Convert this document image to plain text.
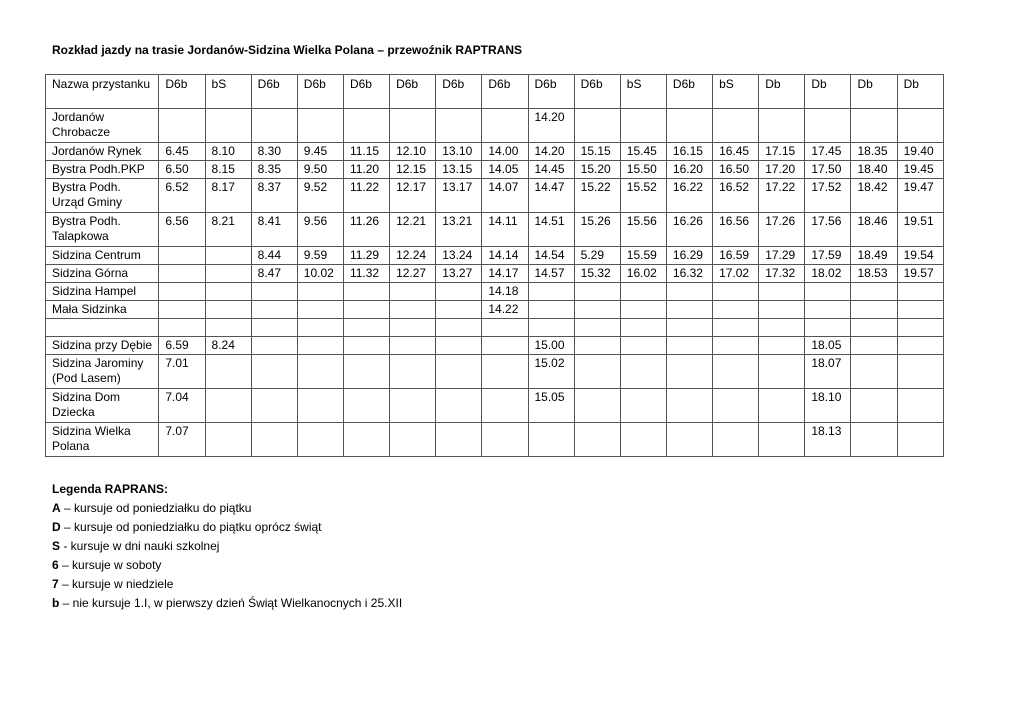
Rozkład jazdy na trasie Jordanów-Sidzina Wielka Polana – przewoźnik RAPTRANS
Nazwa przystanku	D6b	bS	D6b	D6b	D6b	D6b	D6b	D6b	D6b	D6b	bS	D6b	bS	Db	Db	Db	Db
Jordanów Chrobacze									14.20								
Jordanów Rynek	6.45	8.10	8.30	9.45	11.15	12.10	13.10	14.00	14.20	15.15	15.45	16.15	16.45	17.15	17.45	18.35	19.40
Bystra Podh.PKP	6.50	8.15	8.35	9.50	11.20	12.15	13.15	14.05	14.45	15.20	15.50	16.20	16.50	17.20	17.50	18.40	19.45
Bystra Podh. Urząd Gminy	6.52	8.17	8.37	9.52	11.22	12.17	13.17	14.07	14.47	15.22	15.52	16.22	16.52	17.22	17.52	18.42	19.47
Bystra Podh. Talapkowa	6.56	8.21	8.41	9.56	11.26	12.21	13.21	14.11	14.51	15.26	15.56	16.26	16.56	17.26	17.56	18.46	19.51
Sidzina Centrum			8.44	9.59	11.29	12.24	13.24	14.14	14.54	5.29	15.59	16.29	16.59	17.29	17.59	18.49	19.54
Sidzina Górna			8.47	10.02	11.32	12.27	13.27	14.17	14.57	15.32	16.02	16.32	17.02	17.32	18.02	18.53	19.57
Sidzina Hampel								14.18									
Mała Sidzinka								14.22									

Sidzina przy Dębie	6.59	8.24							15.00						18.05		
Sidzina Jarominy (Pod Lasem)	7.01								15.02						18.07		
Sidzina Dom Dziecka	7.04								15.05						18.10		
Sidzina Wielka Polana	7.07														18.13		
Legenda RAPRANS:
A – kursuje od poniedziałku do piątku
D – kursuje od poniedziałku do piątku oprócz świąt
S - kursuje w dni nauki szkolnej
6 – kursuje w soboty
7 – kursuje w niedziele
b – nie kursuje 1.I, w pierwszy dzień Świąt Wielkanocnych i 25.XII
